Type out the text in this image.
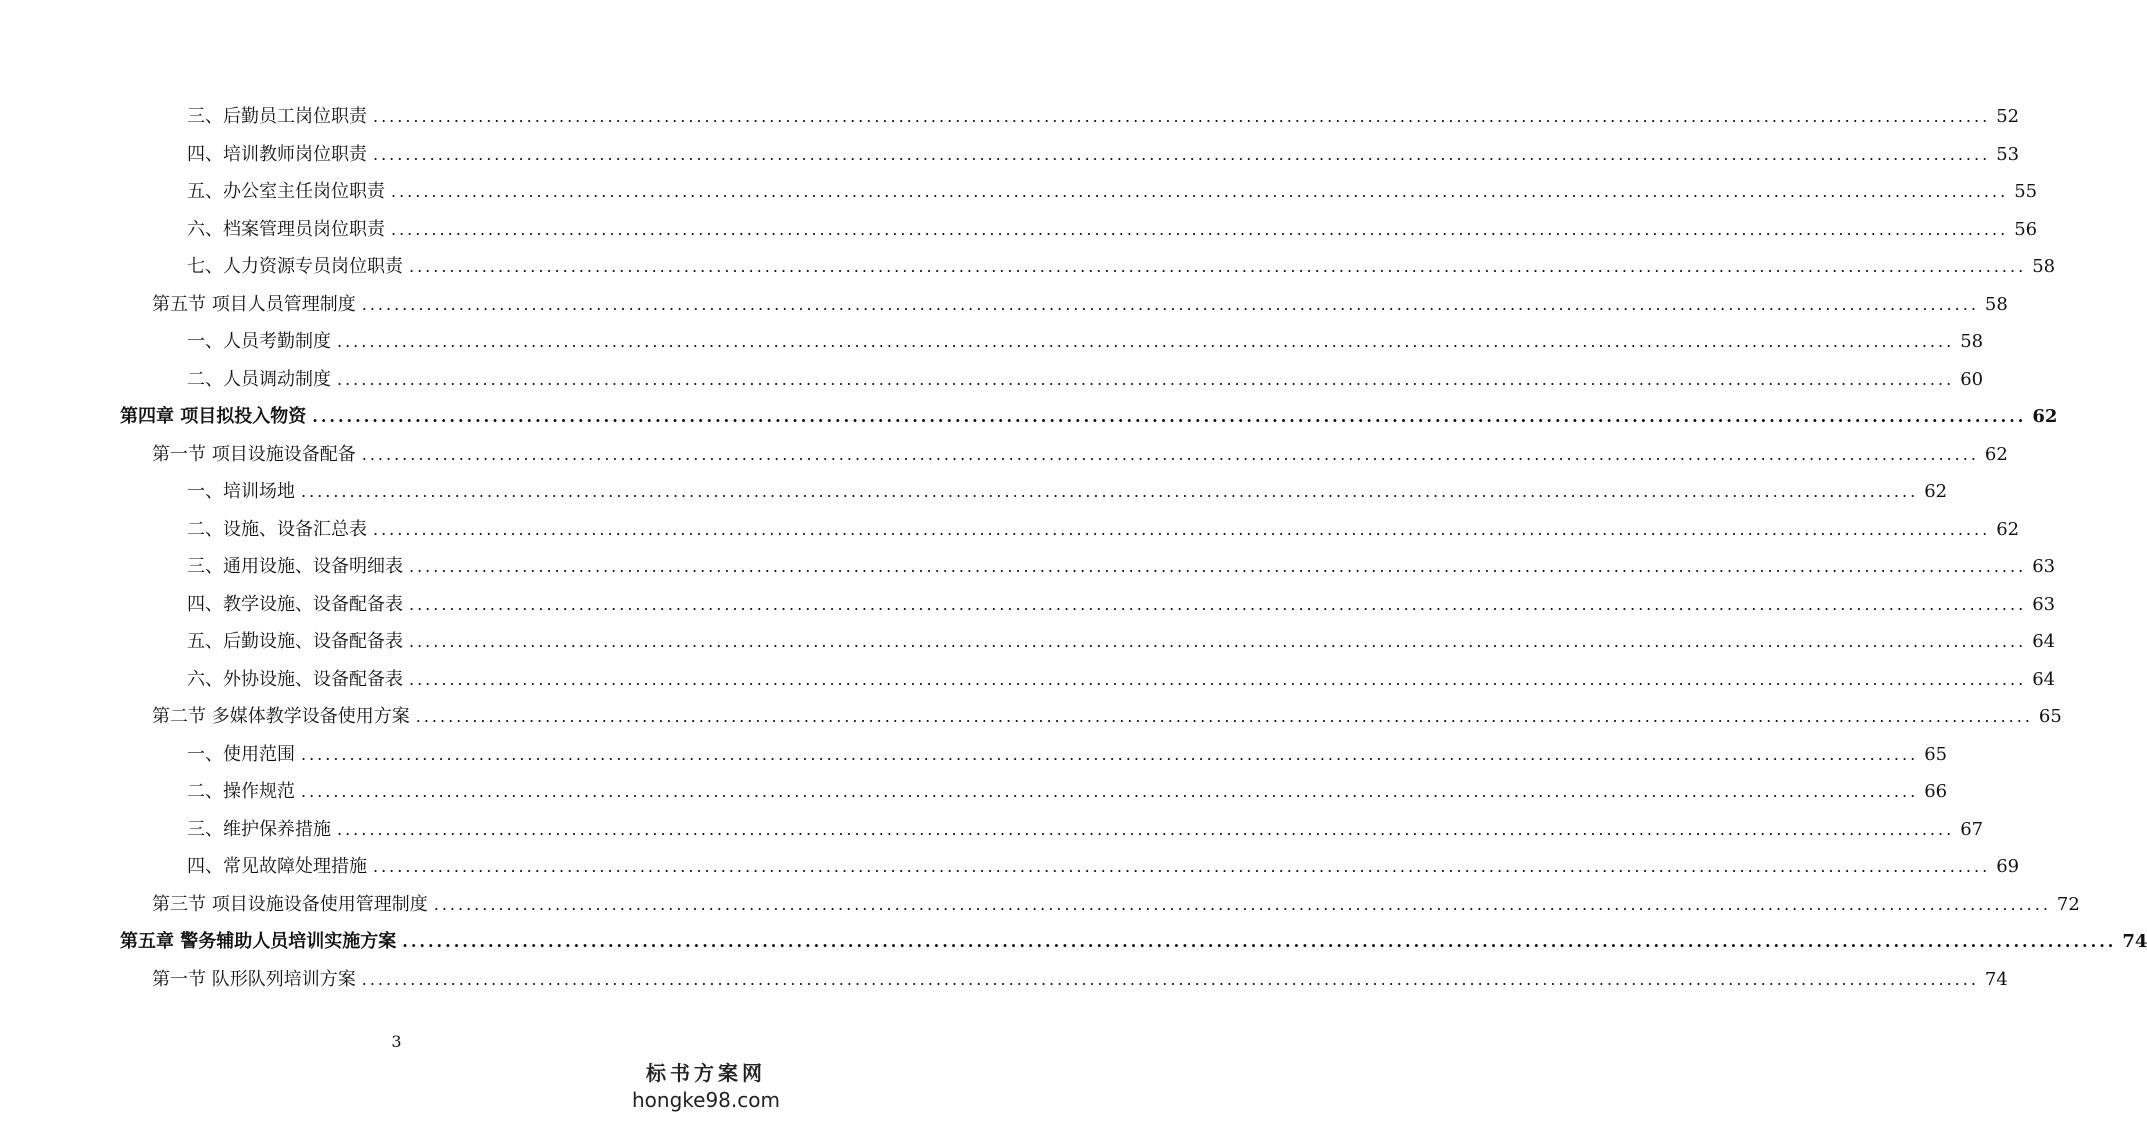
三、后勤员工岗位职责 ........................................................................................................................................................................................................ 52
四、培训教师岗位职责 ........................................................................................................................................................................................................ 53
五、办公室主任岗位职责 ........................................................................................................................................................................................................ 55
六、档案管理员岗位职责 ........................................................................................................................................................................................................ 56
七、人力资源专员岗位职责 ........................................................................................................................................................................................................ 58
第五节 项目人员管理制度 ........................................................................................................................................................................................................ 58
一、人员考勤制度 ........................................................................................................................................................................................................ 58
二、人员调动制度 ........................................................................................................................................................................................................ 60
第四章 项目拟投入物资 ........................................................................................................................................................................................................ 62
第一节 项目设施设备配备 ........................................................................................................................................................................................................ 62
一、培训场地 ........................................................................................................................................................................................................ 62
二、设施、设备汇总表 ........................................................................................................................................................................................................ 62
三、通用设施、设备明细表 ........................................................................................................................................................................................................ 63
四、教学设施、设备配备表 ........................................................................................................................................................................................................ 63
五、后勤设施、设备配备表 ........................................................................................................................................................................................................ 64
六、外协设施、设备配备表 ........................................................................................................................................................................................................ 64
第二节 多媒体教学设备使用方案 ........................................................................................................................................................................................................ 65
一、使用范围 ........................................................................................................................................................................................................ 65
二、操作规范 ........................................................................................................................................................................................................ 66
三、维护保养措施 ........................................................................................................................................................................................................ 67
四、常见故障处理措施 ........................................................................................................................................................................................................ 69
第三节 项目设施设备使用管理制度 ........................................................................................................................................................................................................ 72
第五章 警务辅助人员培训实施方案 ........................................................................................................................................................................................................ 74
第一节 队形队列培训方案 ........................................................................................................................................................................................................ 74
3
标书方案网
hongke98.com
